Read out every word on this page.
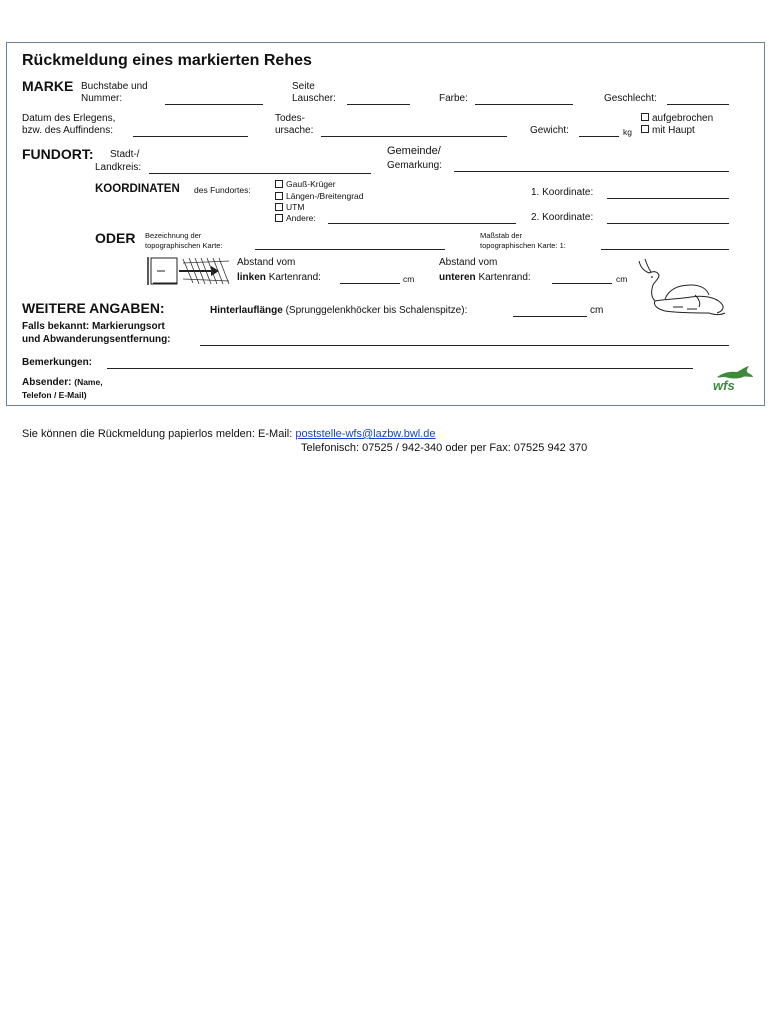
Rückmeldung eines markierten Rehes
MARKE Buchstabe und
Nummer:
Seite
Lauscher:	Farbe:	Geschlecht:
Datum des Erlegens,
bzw. des Auffindens:
Todes-
ursache:	Gewicht:	kg
aufgebrochen
mit Haupt
FUNDORT: Stadt-/
Landkreis:
Gemeinde/
Gemarkung:
KOORDINATEN des Fundortes:
Gauß-Krüger
Längen-/Breitengrad
UTM
Andere:
1. Koordinate:
2. Koordinate:
ODER Bezeichnung der
topographischen Karte:
Maßstab der
topographischen Karte: 1:
Abstand vom
linken Kartenrand:	cm
Abstand vom
unteren Kartenrand:	cm
WEITERE ANGABEN:	Hinterlauflänge (Sprunggelenkhöcker bis Schalenspitze):	cm
Falls bekannt: Markierungsort
und Abwanderungsentfernung:
Bemerkungen:
Absender: (Name,
Telefon / E-Mail)
wfs
Sie können die Rückmeldung papierlos melden: E-Mail: poststelle-wfs@lazbw.bwl.de
Telefonisch: 07525 / 942-340 oder per Fax: 07525 942 370
